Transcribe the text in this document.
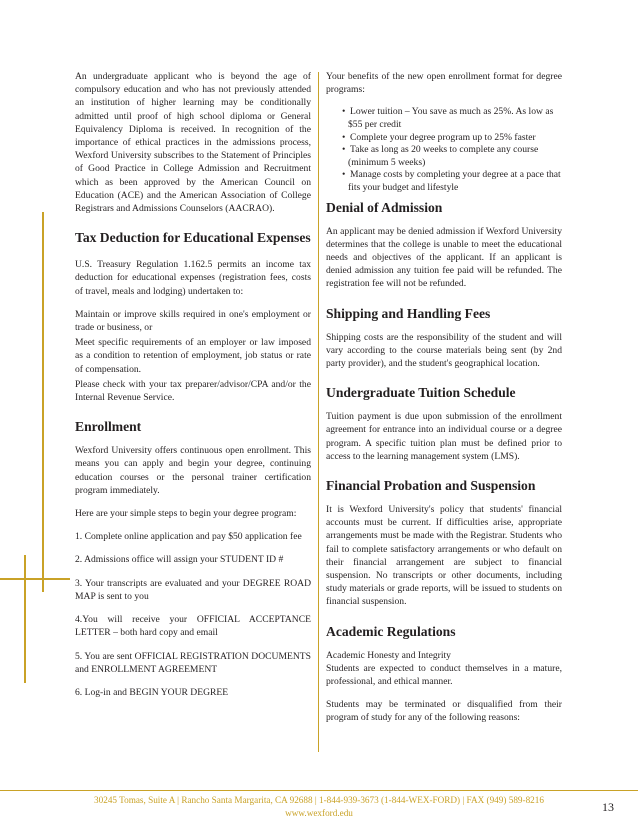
An undergraduate applicant who is beyond the age of compulsory education and who has not previously attended an institution of higher learning may be conditionally admitted until proof of high school diploma or General Equivalency Diploma is received. In recognition of the importance of ethical practices in the admissions process, Wexford University subscribes to the Statement of Principles of Good Practice in College Admission and Recruitment which as been approved by the American Council on Education (ACE) and the American Association of College Registrars and Admissions Counselors (AACRAO).

Tax Deduction for Educational Expenses

U.S. Treasury Regulation 1.162.5 permits an income tax deduction for educational expenses (registration fees, costs of travel, meals and lodging) undertaken to:

Maintain or improve skills required in one's employment or trade or business, or

Meet specific requirements of an employer or law imposed as a condition to retention of employment, job status or rate of compensation.

Please check with your tax preparer/advisor/CPA and/or the Internal Revenue Service.

Enrollment

Wexford University offers continuous open enrollment. This means you can apply and begin your degree, continuing education courses or the personal trainer certification program immediately.

Here are your simple steps to begin your degree program:

1. Complete online application and pay $50 application fee

2. Admissions office will assign your STUDENT ID #

3. Your transcripts are evaluated and your DEGREE ROAD MAP is sent to you

4.You will receive your OFFICIAL ACCEPTANCE LETTER – both hard copy and email

5. You are sent OFFICIAL REGISTRATION DOCUMENTS and ENROLLMENT AGREEMENT

6. Log-in and BEGIN YOUR DEGREE

Your benefits of the new open enrollment format for degree programs:

• Lower tuition – You save as much as 25%. As low as $55 per credit
• Complete your degree program up to 25% faster
• Take as long as 20 weeks to complete any course (minimum 5 weeks)
• Manage costs by completing your degree at a pace that fits your budget and lifestyle
Denial of Admission

An applicant may be denied admission if Wexford University determines that the college is unable to meet the educational needs and objectives of the applicant. If an applicant is denied admission any tuition fee paid will be refunded. The registration fee will not be refunded.

Shipping and Handling Fees

Shipping costs are the responsibility of the student and will vary according to the course materials being sent (by 2nd party provider), and the student's geographical location.

Undergraduate Tuition Schedule

Tuition payment is due upon submission of the enrollment agreement for entrance into an individual course or a degree program. A specific tuition plan must be defined prior to access to the learning management system (LMS).

Financial Probation and Suspension

It is Wexford University's policy that students' financial accounts must be current. If difficulties arise, appropriate arrangements must be made with the Registrar. Students who fail to complete satisfactory arrangements or who default on their financial arrangement are subject to financial suspension. No transcripts or other documents, including study materials or grade reports, will be issued to students on financial suspension.

Academic Regulations

Academic Honesty and Integrity

Students are expected to conduct themselves in a mature, professional, and ethical manner.

Students may be terminated or disqualified from their program of study for any of the following reasons:

30245 Tomas, Suite A | Rancho Santa Margarita, CA 92688 | 1-844-939-3673 (1-844-WEX-FORD) | FAX (949) 589-8216
www.wexford.edu	13
